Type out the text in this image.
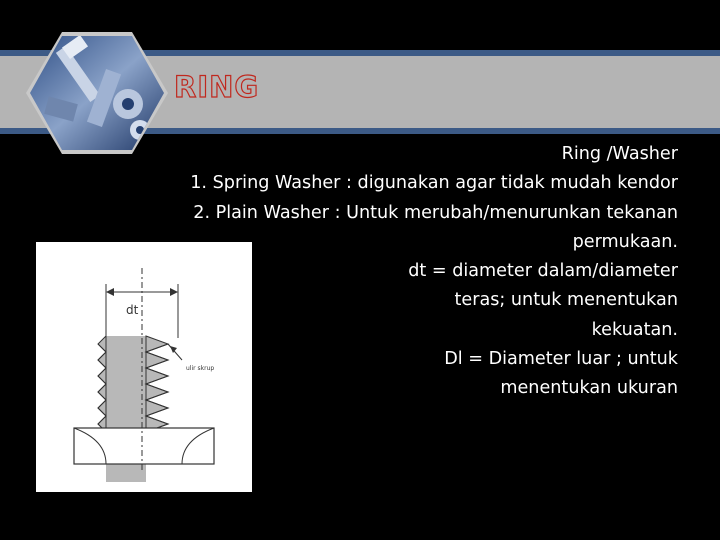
RING
Ring /Washer
1. Spring Washer : digunakan agar tidak mudah kendor
2. Plain Washer : Untuk merubah/menurunkan tekanan
permukaan.
dt = diameter dalam/diameter
teras; untuk menentukan
kekuatan.
Dl = Diameter luar ; untuk
menentukan ukuran
dt
ulir skrup
